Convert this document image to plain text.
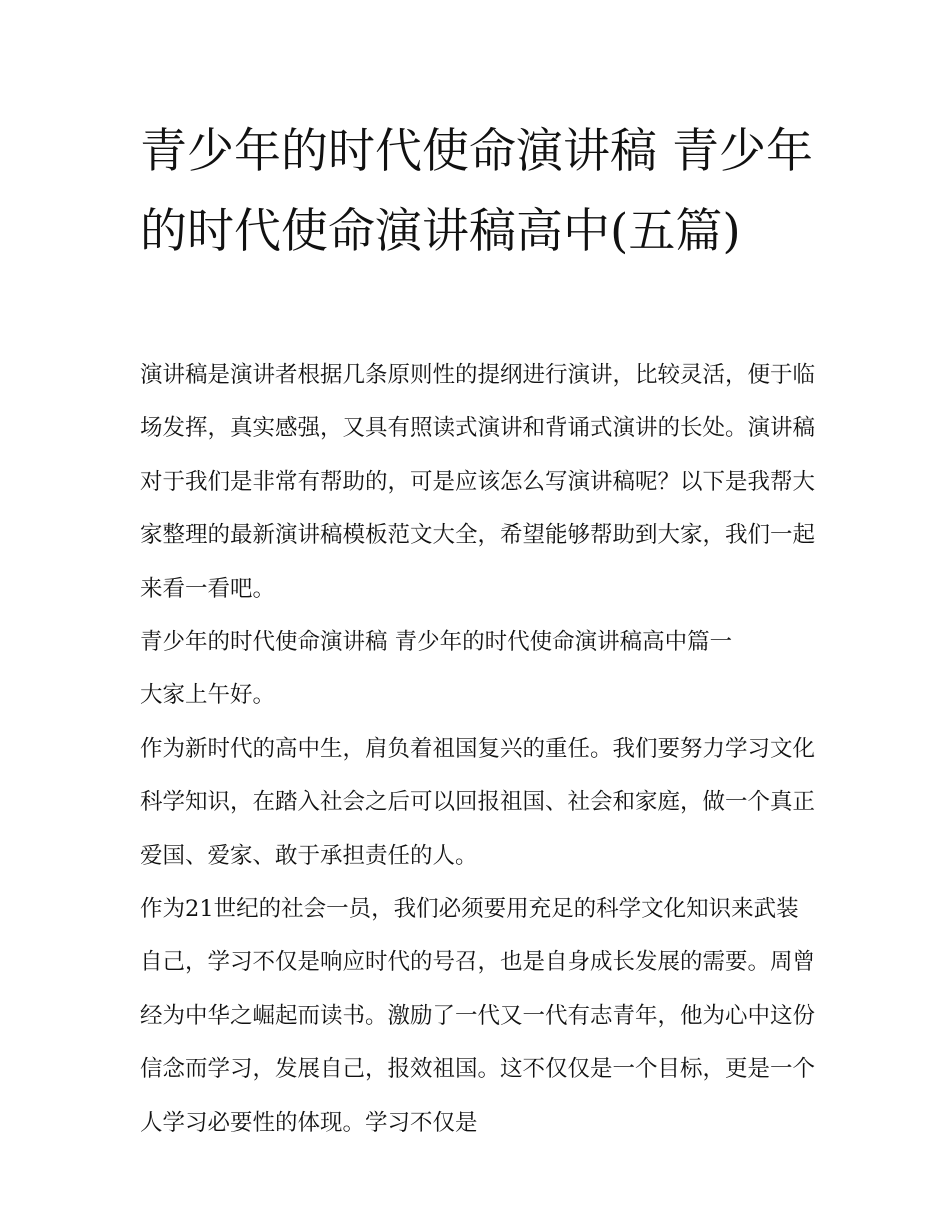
青少年的时代使命演讲稿 青少年的时代使命演讲稿高中(五篇)

演讲稿是演讲者根据几条原则性的提纲进行演讲，比较灵活，便于临场发挥，真实感强，又具有照读式演讲和背诵式演讲的长处。演讲稿对于我们是非常有帮助的，可是应该怎么写演讲稿呢？以下是我帮大家整理的最新演讲稿模板范文大全，希望能够帮助到大家，我们一起来看一看吧。

青少年的时代使命演讲稿 青少年的时代使命演讲稿高中篇一

大家上午好。

作为新时代的高中生，肩负着祖国复兴的重任。我们要努力学习文化科学知识，在踏入社会之后可以回报祖国、社会和家庭，做一个真正爱国、爱家、敢于承担责任的人。

作为21世纪的社会一员，我们必须要用充足的科学文化知识来武装自己，学习不仅是响应时代的号召，也是自身成长发展的需要。周曾经为中华之崛起而读书。激励了一代又一代有志青年，他为心中这份信念而学习，发展自己，报效祖国。这不仅仅是一个目标，更是一个人学习必要性的体现。学习不仅是
